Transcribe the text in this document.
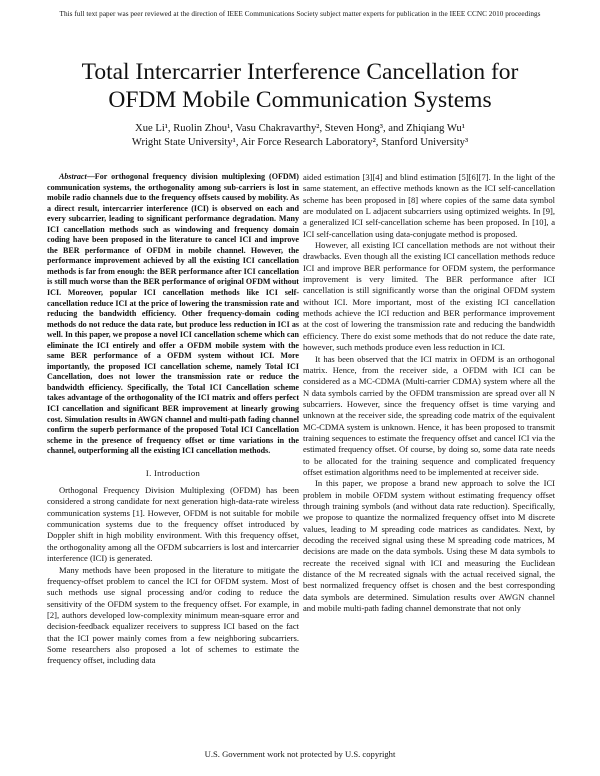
This full text paper was peer reviewed at the direction of IEEE Communications Society subject matter experts for publication in the IEEE CCNC 2010 proceedings
Total Intercarrier Interference Cancellation for
OFDM Mobile Communication Systems
Xue Li¹, Ruolin Zhou¹, Vasu Chakravarthy², Steven Hong³, and Zhiqiang Wu¹
Wright State University¹, Air Force Research Laboratory², Stanford University³

Abstract—For orthogonal frequency division multiplexing (OFDM) communication systems, the orthogonality among sub-carriers is lost in mobile radio channels due to the frequency offsets caused by mobility. As a direct result, intercarrier interference (ICI) is observed on each and every subcarrier, leading to significant performance degradation. Many ICI cancellation methods such as windowing and frequency domain coding have been proposed in the literature to cancel ICI and improve the BER performance of OFDM in mobile channel. However, the performance improvement achieved by all the existing ICI cancellation methods is far from enough: the BER performance after ICI cancellation is still much worse than the BER performance of original OFDM without ICI. Moreover, popular ICI cancellation methods like ICI self-cancellation reduce ICI at the price of lowering the transmission rate and reducing the bandwidth efficiency. Other frequency-domain coding methods do not reduce the data rate, but produce less reduction in ICI as well. In this paper, we propose a novel ICI cancellation scheme which can eliminate the ICI entirely and offer a OFDM mobile system with the same BER performance of a OFDM system without ICI. More importantly, the proposed ICI cancellation scheme, namely Total ICI Cancellation, does not lower the transmission rate or reduce the bandwidth efficiency. Specifically, the Total ICI Cancellation scheme takes advantage of the orthogonality of the ICI matrix and offers perfect ICI cancellation and significant BER improvement at linearly growing cost. Simulation results in AWGN channel and multi-path fading channel confirm the superb performance of the proposed Total ICI Cancellation scheme in the presence of frequency offset or time variations in the channel, outperforming all the existing ICI cancellation methods.

I. Introduction

Orthogonal Frequency Division Multiplexing (OFDM) has been considered a strong candidate for next generation high-data-rate wireless communication systems [1]. However, OFDM is not suitable for mobile communication systems due to the frequency offset introduced by Doppler shift in high mobility environment. With this frequency offset, the orthogonality among all the OFDM subcarriers is lost and intercarrier interference (ICI) is generated.

Many methods have been proposed in the literature to mitigate the frequency-offset problem to cancel the ICI for OFDM system. Most of such methods use signal processing and/or coding to reduce the sensitivity of the OFDM system to the frequency offset. For example, in [2], authors developed low-complexity minimum mean-square error and decision-feedback equalizer receivers to suppress ICI based on the fact that the ICI power mainly comes from a few neighboring subcarriers. Some researchers also proposed a lot of schemes to estimate the frequency offset, including data

aided estimation [3][4] and blind estimation [5][6][7]. In the light of the same statement, an effective methods known as the ICI self-cancellation scheme has been proposed in [8] where copies of the same data symbol are modulated on L adjacent subcarriers using optimized weights. In [9], a generalized ICI self-cancellation scheme has been proposed. In [10], a ICI self-cancellation using data-conjugate method is proposed.

However, all existing ICI cancellation methods are not without their drawbacks. Even though all the existing ICI cancellation methods reduce ICI and improve BER performance for OFDM system, the performance improvement is very limited. The BER performance after ICI cancellation is still significantly worse than the original OFDM system without ICI. More important, most of the existing ICI cancellation methods achieve the ICI reduction and BER performance improvement at the cost of lowering the transmission rate and reducing the bandwidth efficiency. There do exist some methods that do not reduce the date rate, however, such methods produce even less reduction in ICI.

It has been observed that the ICI matrix in OFDM is an orthogonal matrix. Hence, from the receiver side, a OFDM with ICI can be considered as a MC-CDMA (Multi-carrier CDMA) system where all the N data symbols carried by the OFDM transmission are spread over all N subcarriers. However, since the frequency offset is time varying and unknown at the receiver side, the spreading code matrix of the equivalent MC-CDMA system is unknown. Hence, it has been proposed to transmit training sequences to estimate the frequency offset and cancel ICI via the estimated frequency offset. Of course, by doing so, some data rate needs to be allocated for the training sequence and complicated frequency offset estimation algorithms need to be implemented at receiver side.

In this paper, we propose a brand new approach to solve the ICI problem in mobile OFDM system without estimating frequency offset through training symbols (and without data rate reduction). Specifically, we propose to quantize the normalized frequency offset into M discrete values, leading to M spreading code matrices as candidates. Next, by decoding the received signal using these M spreading code matrices, M decisions are made on the data symbols. Using these M data symbols to recreate the received signal with ICI and measuring the Euclidean distance of the M recreated signals with the actual received signal, the best normalized frequency offset is chosen and the best corresponding data symbols are determined. Simulation results over AWGN channel and mobile multi-path fading channel demonstrate that not only

U.S. Government work not protected by U.S. copyright
